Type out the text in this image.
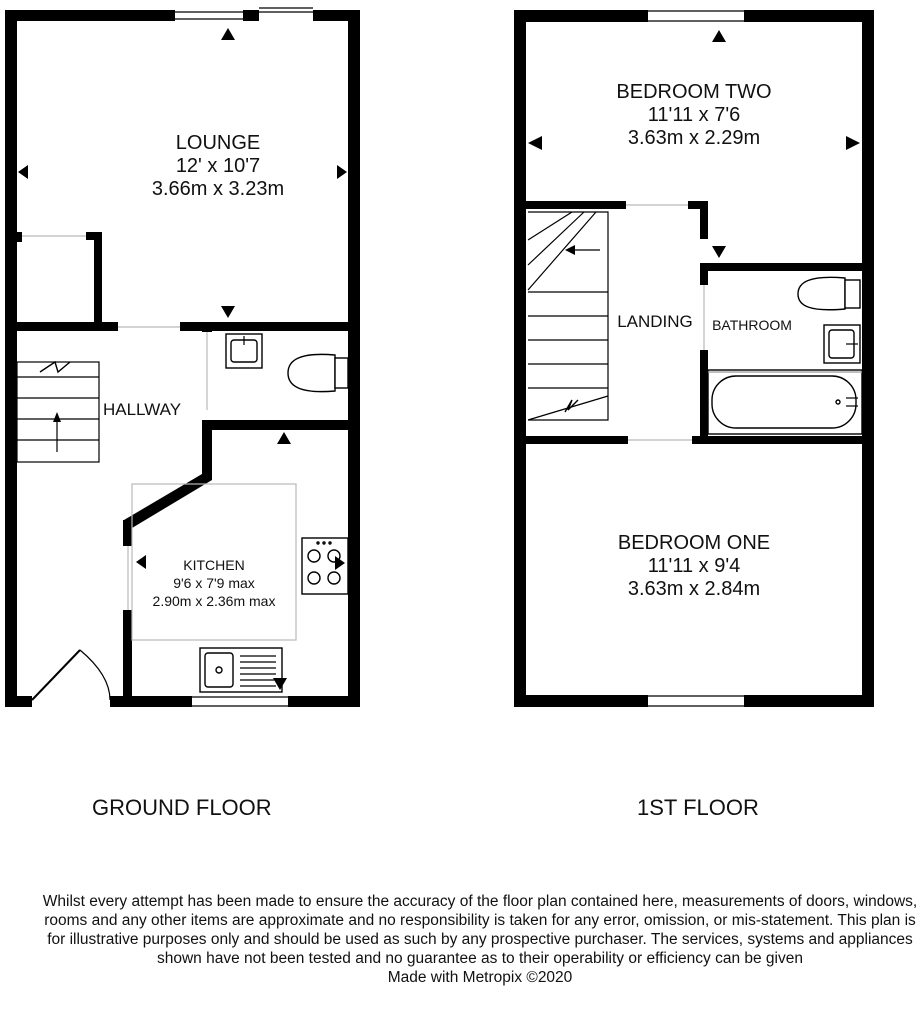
LOUNGE
12' x 10'7
3.66m x 3.23m
HALLWAY
KITCHEN
9'6 x 7'9 max
2.90m x 2.36m max
BEDROOM TWO
11'11 x 7'6
3.63m x 2.29m
LANDING	BATHROOM
BEDROOM ONE
11'11 x 9'4
3.63m x 2.84m
GROUND FLOOR	1ST FLOOR

Whilst every attempt has been made to ensure the accuracy of the floor plan contained here, measurements of doors, windows, rooms and any other items are approximate and no responsibility is taken for any error, omission, or mis-statement. This plan is for illustrative purposes only and should be used as such by any prospective purchaser. The services, systems and appliances shown have not been tested and no guarantee as to their operability or efficiency can be given

Made with Metropix ©2020
